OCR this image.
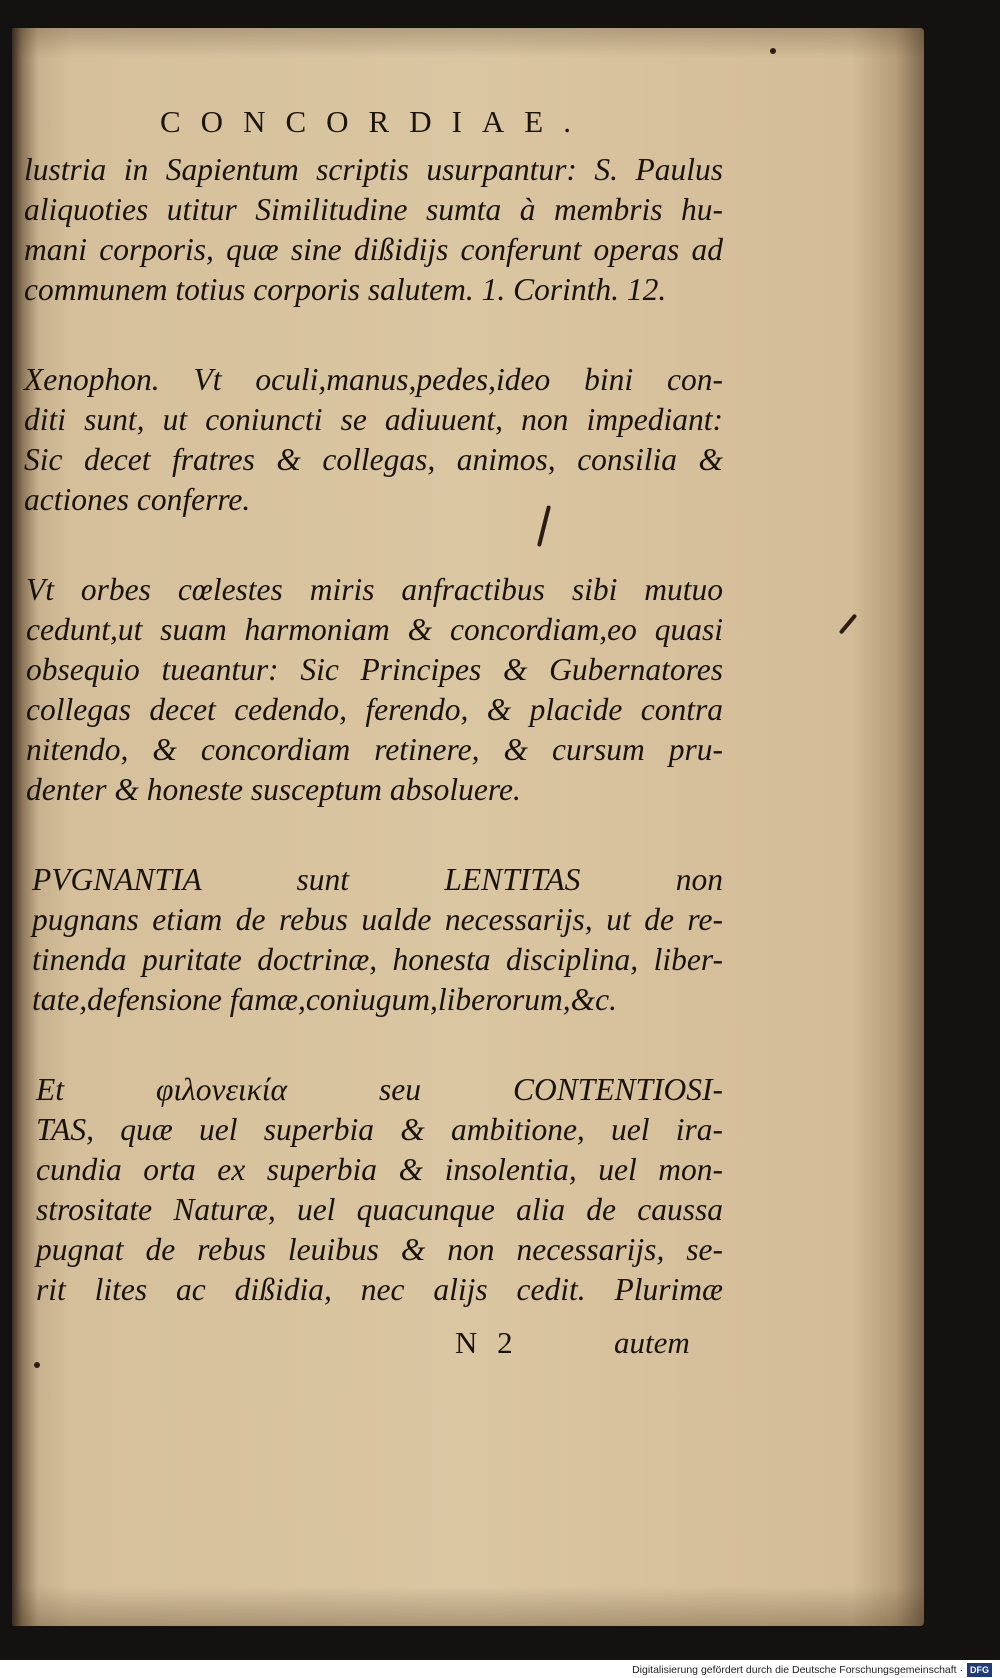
CONCORDIAE.
lustria in Sapientum scriptis usurpantur: S. Paulus
aliquoties utitur Similitudine sumta à membris hu-
mani corporis, quæ sine dißidijs conferunt operas ad
communem totius corporis salutem. 1. Corinth. 12.
Xenophon. Vt oculi,manus,pedes,ideo bini con-
diti sunt, ut coniuncti se adiuuent, non impediant:
Sic decet fratres & collegas, animos, consilia &
actiones conferre.
Vt orbes cœlestes miris anfractibus sibi mutuo
cedunt,ut suam harmoniam & concordiam,eo quasi
obsequio tueantur: Sic Principes & Gubernatores
collegas decet cedendo, ferendo, & placide contra
nitendo, & concordiam retinere, & cursum pru-
denter & honeste susceptum absoluere.
PVGNANTIA sunt LENTITAS non
pugnans etiam de rebus ualde necessarijs, ut de re-
tinenda puritate doctrinæ, honesta disciplina, liber-
tate,defensione famæ,coniugum,liberorum,&c.
Et φιλονεικία seu CONTENTIOSI-
TAS, quæ uel superbia & ambitione, uel ira-
cundia orta ex superbia & insolentia, uel mon-
strositate Naturæ, uel quacunque alia de caussa
pugnat de rebus leuibus & non necessarijs, se-
rit lites ac dißidia, nec alijs cedit. Plurimæ
N 2	autem
Digitalisierung gefördert durch die Deutsche Forschungsgemeinschaft · DFG
